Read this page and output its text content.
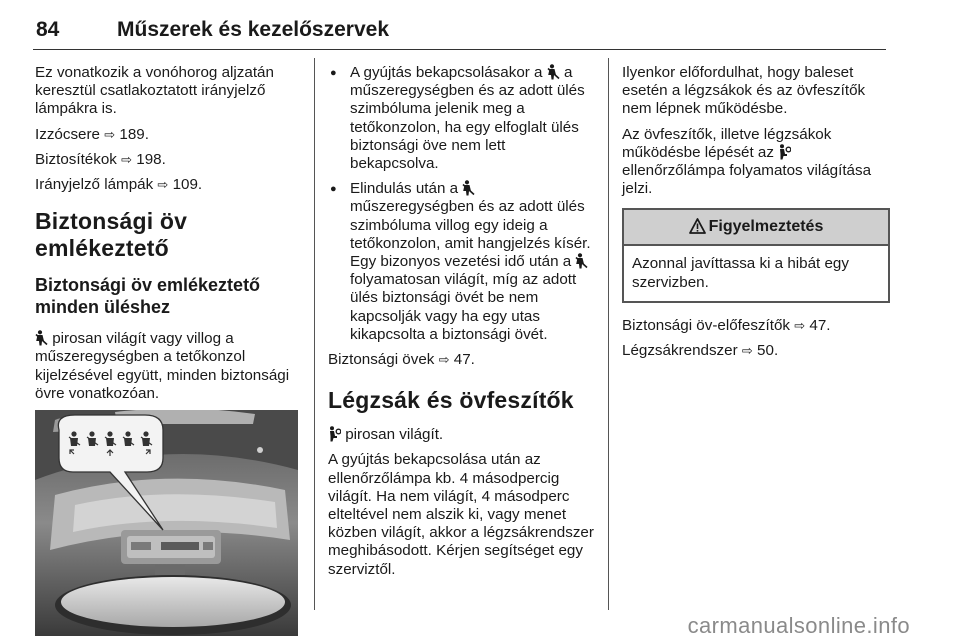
84	Műszerek és kezelőszervek

Ez vonatkozik a vonóhorog aljzatán keresztül csatlakoztatott irányjelző lámpákra is.

Izzócsere ⇨ 189.

Biztosítékok ⇨ 198.

Irányjelző lámpák ⇨ 109.

Biztonsági öv emlékeztető
Biztonsági öv emlékeztető minden üléshez

pirosan világít vagy villog a műszeregységben a tetőkonzol kijelzésével együtt, minden biztonsági övre vonatkozóan.

● A gyújtás bekapcsolásakor a  a műszeregységben és az adott ülés szimbóluma jelenik meg a tetőkonzolon, ha egy elfoglalt ülés biztonsági öve nem lett bekapcsolva.
● Elindulás után a  műszeregységben és az adott ülés szimbóluma villog egy ideig a tetőkonzolon, amit hangjelzés kísér. Egy bizonyos vezetési idő után a  folyamatosan világít, míg az adott ülés biztonsági övét be nem kapcsolják vagy ha egy utas kikapcsolta a biztonsági övét.

Biztonsági övek ⇨ 47.

Légzsák és övfeszítők

pirosan világít.

A gyújtás bekapcsolása után az ellenőrzőlámpa kb. 4 másodpercig világít. Ha nem világít, 4 másodperc elteltével nem alszik ki, vagy menet közben világít, akkor a légzsákrendszer meghibásodott. Kérjen segítséget egy szerviztől.

Ilyenkor előfordulhat, hogy baleset esetén a légzsákok és az övfeszítők nem lépnek működésbe.

Az övfeszítők, illetve légzsákok működésbe lépését az  ellenőrzőlámpa folyamatos világítása jelzi.

Figyelmeztetés
Azonnal javíttassa ki a hibát egy szervizben.

Biztonsági öv-előfeszítők ⇨ 47.

Légzsákrendszer ⇨ 50.

carmanualsonline.info
